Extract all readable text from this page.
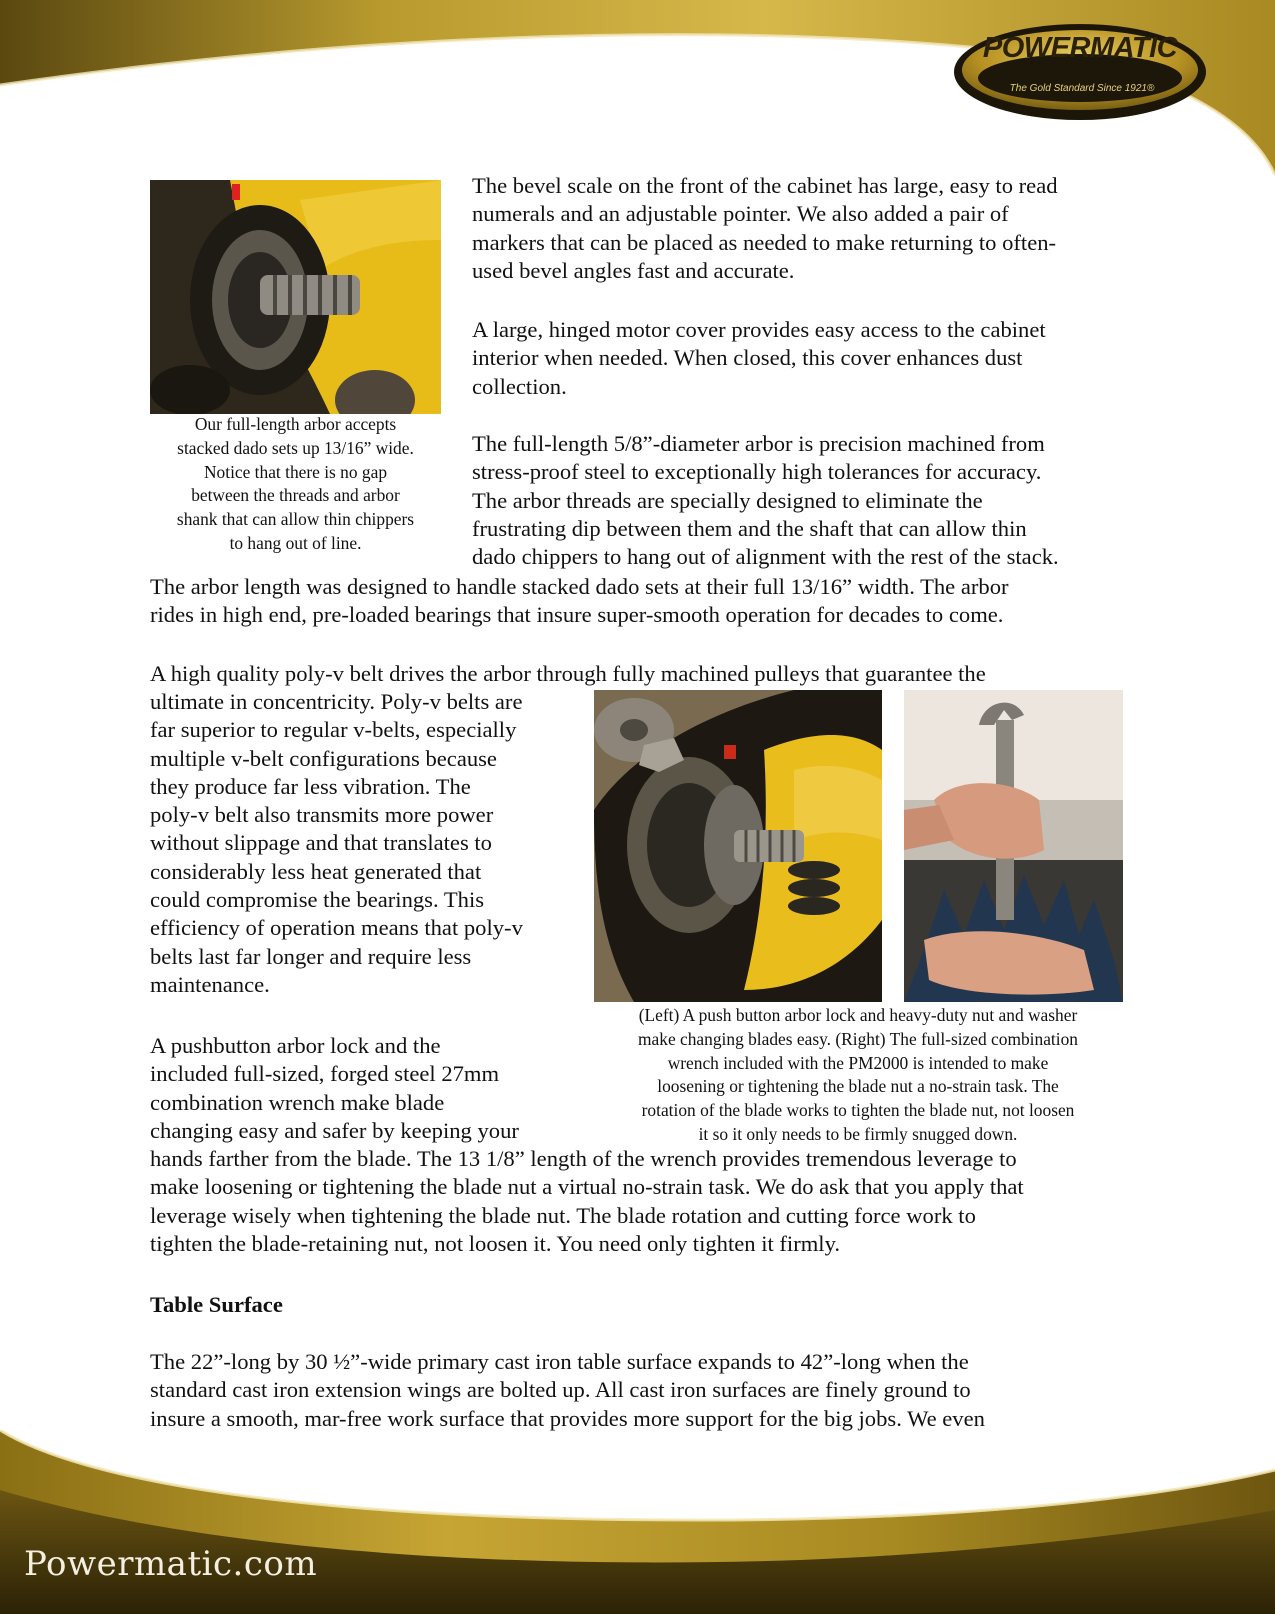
POWERMATIC
The Gold Standard Since 1921®
Our full-length arbor accepts
stacked dado sets up 13/16” wide.
Notice that there is no gap
between the threads and arbor
shank that can allow thin chippers
to hang out of line.
The bevel scale on the front of the cabinet has large, easy to read
numerals and an adjustable pointer. We also added a pair of
markers that can be placed as needed to make returning to often-
used bevel angles fast and accurate.
A large, hinged motor cover provides easy access to the cabinet
interior when needed. When closed, this cover enhances dust
collection.
The full-length 5/8”-diameter arbor is precision machined from
stress-proof steel to exceptionally high tolerances for accuracy.
The arbor threads are specially designed to eliminate the
frustrating dip between them and the shaft that can allow thin
dado chippers to hang out of alignment with the rest of the stack.
The arbor length was designed to handle stacked dado sets at their full 13/16” width. The arbor
rides in high end, pre-loaded bearings that insure super-smooth operation for decades to come.
A high quality poly-v belt drives the arbor through fully machined pulleys that guarantee the
ultimate in concentricity. Poly-v belts are
far superior to regular v-belts, especially
multiple v-belt configurations because
they produce far less vibration. The
poly-v belt also transmits more power
without slippage and that translates to
considerably less heat generated that
could compromise the bearings. This
efficiency of operation means that poly-v
belts last far longer and require less
maintenance.
(Left) A push button arbor lock and heavy-duty nut and washer
make changing blades easy. (Right) The full-sized combination
wrench included with the PM2000 is intended to make
loosening or tightening the blade nut a no-strain task. The
rotation of the blade works to tighten the blade nut, not loosen
it so it only needs to be firmly snugged down.
A pushbutton arbor lock and the
included full-sized, forged steel 27mm
combination wrench make blade
changing easy and safer by keeping your
hands farther from the blade. The 13 1/8” length of the wrench provides tremendous leverage to
make loosening or tightening the blade nut a virtual no-strain task. We do ask that you apply that
leverage wisely when tightening the blade nut. The blade rotation and cutting force work to
tighten the blade-retaining nut, not loosen it. You need only tighten it firmly.
Table Surface
The 22”-long by 30 ½”-wide primary cast iron table surface expands to 42”-long when the
standard cast iron extension wings are bolted up. All cast iron surfaces are finely ground to
insure a smooth, mar-free work surface that provides more support for the big jobs. We even
Powermatic.com
